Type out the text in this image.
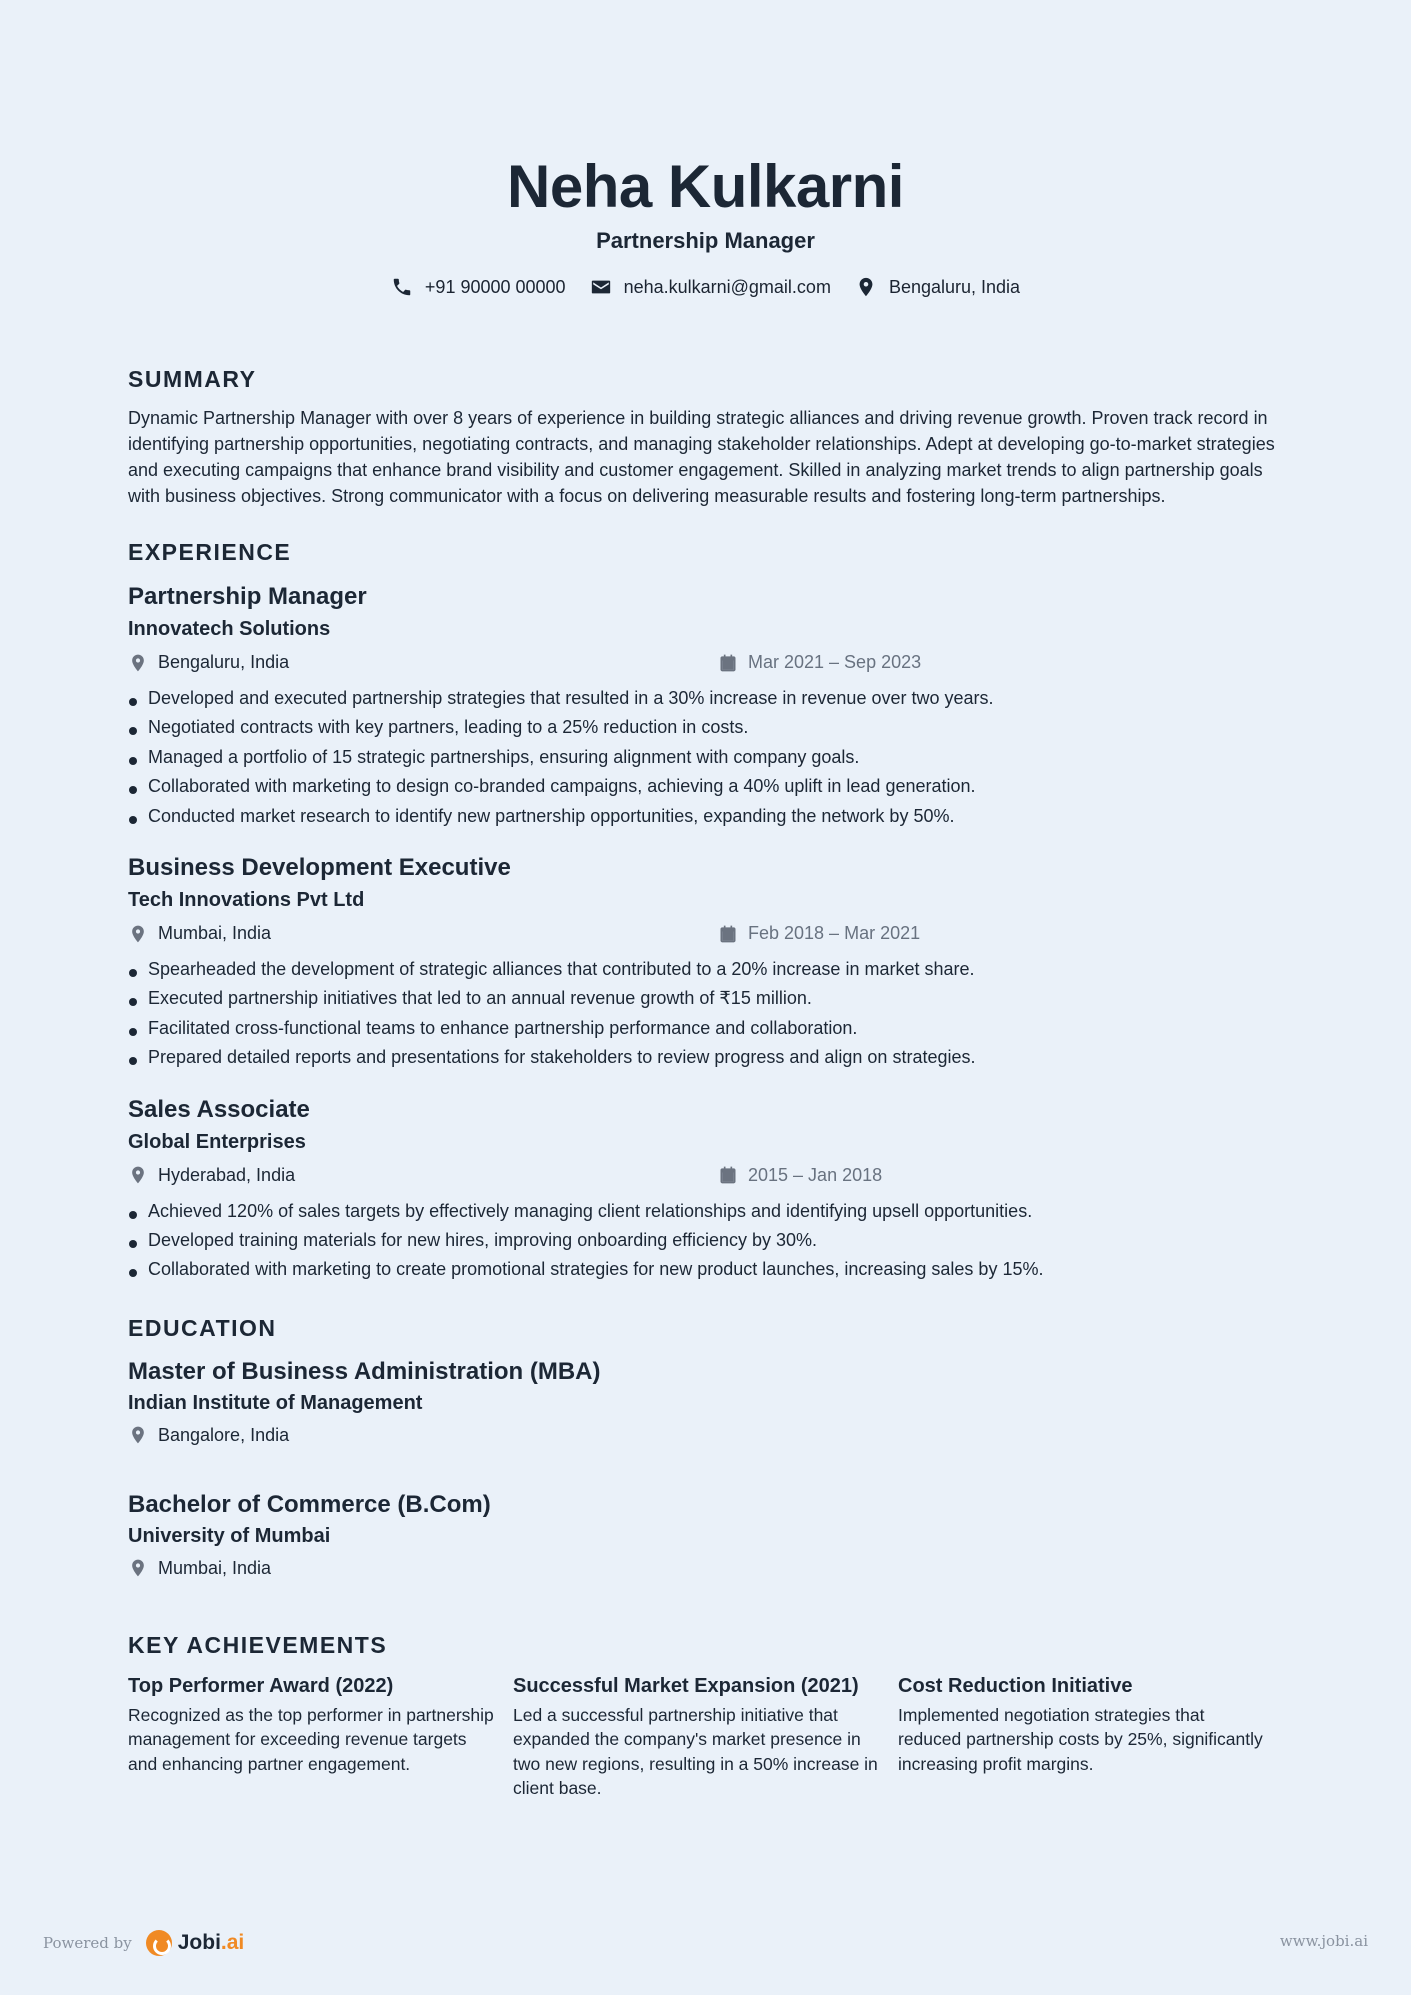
Neha Kulkarni
Partnership Manager
+91 90000 00000	neha.kulkarni@gmail.com	Bengaluru, India
SUMMARY

Dynamic Partnership Manager with over 8 years of experience in building strategic alliances and driving revenue growth. Proven track record in identifying partnership opportunities, negotiating contracts, and managing stakeholder relationships. Adept at developing go-to-market strategies and executing campaigns that enhance brand visibility and customer engagement. Skilled in analyzing market trends to align partnership goals with business objectives. Strong communicator with a focus on delivering measurable results and fostering long-term partnerships.

EXPERIENCE
Partnership Manager
Innovatech Solutions
Bengaluru, India	Mar 2021 – Sep 2023
Developed and executed partnership strategies that resulted in a 30% increase in revenue over two years.
Negotiated contracts with key partners, leading to a 25% reduction in costs.
Managed a portfolio of 15 strategic partnerships, ensuring alignment with company goals.
Collaborated with marketing to design co-branded campaigns, achieving a 40% uplift in lead generation.
Conducted market research to identify new partnership opportunities, expanding the network by 50%.
Business Development Executive
Tech Innovations Pvt Ltd
Mumbai, India	Feb 2018 – Mar 2021
Spearheaded the development of strategic alliances that contributed to a 20% increase in market share.
Executed partnership initiatives that led to an annual revenue growth of ₹15 million.
Facilitated cross-functional teams to enhance partnership performance and collaboration.
Prepared detailed reports and presentations for stakeholders to review progress and align on strategies.
Sales Associate
Global Enterprises
Hyderabad, India	2015 – Jan 2018
Achieved 120% of sales targets by effectively managing client relationships and identifying upsell opportunities.
Developed training materials for new hires, improving onboarding efficiency by 30%.
Collaborated with marketing to create promotional strategies for new product launches, increasing sales by 15%.
EDUCATION
Master of Business Administration (MBA)
Indian Institute of Management
Bangalore, India
Bachelor of Commerce (B.Com)
University of Mumbai
Mumbai, India
KEY ACHIEVEMENTS
Top Performer Award (2022)

Recognized as the top performer in partnership management for exceeding revenue targets and enhancing partner engagement.

Successful Market Expansion (2021)

Led a successful partnership initiative that expanded the company's market presence in two new regions, resulting in a 50% increase in client base.

Cost Reduction Initiative

Implemented negotiation strategies that reduced partnership costs by 25%, significantly increasing profit margins.

Powered by Jobi .ai	www.jobi.ai
